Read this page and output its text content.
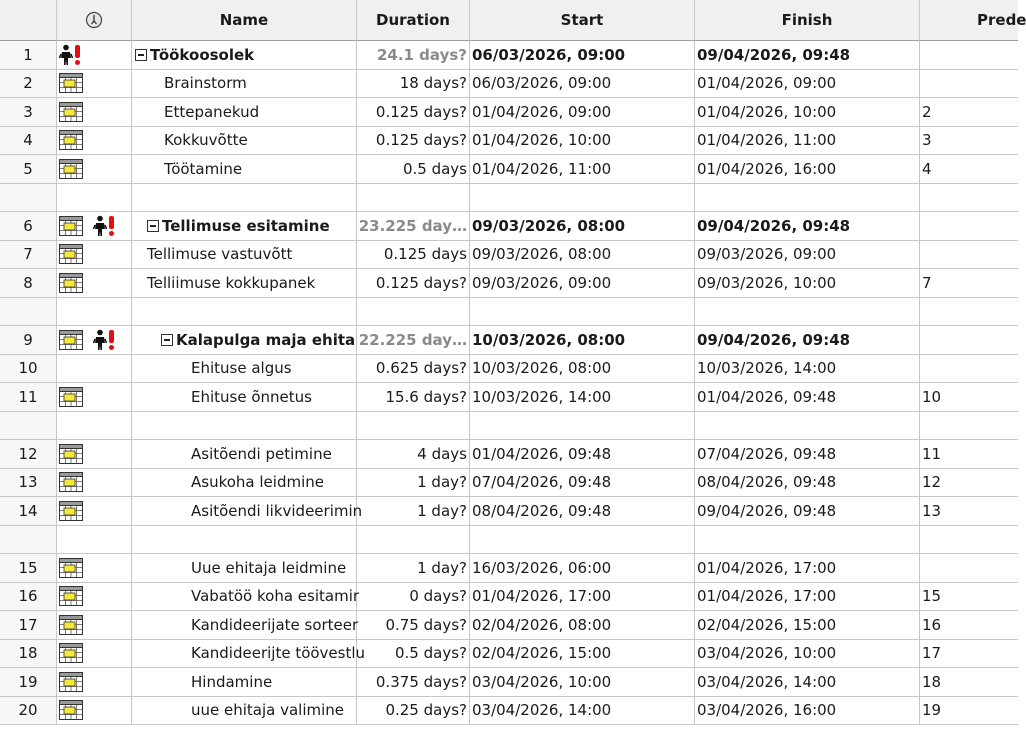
Name	Duration	Start	Finish	Prede
1	Töökoosolek	24.1 days? 06/03/2026, 09:00	09/04/2026, 09:48
2	Brainstorm	18 days? 06/03/2026, 09:00	01/04/2026, 09:00
3	Ettepanekud	0.125 days? 01/04/2026, 09:00	01/04/2026, 10:00	2
4	Kokkuvõtte	0.125 days? 01/04/2026, 10:00	01/04/2026, 11:00	3
5	Töötamine	0.5 days 01/04/2026, 11:00	01/04/2026, 16:00	4
6	Tellimuse esitamine 23.225 day… 09/03/2026, 08:00	09/04/2026, 09:48
7	Tellimuse vastuvõtt	0.125 days 09/03/2026, 08:00	09/03/2026, 09:00
8	Telliimuse kokkupanek	0.125 days? 09/03/2026, 09:00	09/03/2026, 10:00	7
9	Kalapulga maja ehita 22.225 day… 10/03/2026, 08:00	09/04/2026, 09:48
10	Ehituse algus	0.625 days? 10/03/2026, 08:00	10/03/2026, 14:00
11	Ehituse õnnetus	15.6 days? 10/03/2026, 14:00	01/04/2026, 09:48	10
12	Asitõendi petimine	4 days 01/04/2026, 09:48	07/04/2026, 09:48	11
13	Asukoha leidmine	1 day? 07/04/2026, 09:48	08/04/2026, 09:48	12
14	Asitõendi likvideerimin	1 day? 08/04/2026, 09:48	09/04/2026, 09:48	13
15	Uue ehitaja leidmine	1 day? 16/03/2026, 06:00	01/04/2026, 17:00
16	Vabatöö koha esitamir	0 days? 01/04/2026, 17:00	01/04/2026, 17:00	15
17	Kandideerijate sorteer	0.75 days? 02/04/2026, 08:00	02/04/2026, 15:00	16
18	Kandideerijte töövestlu	0.5 days? 02/04/2026, 15:00	03/04/2026, 10:00	17
19	Hindamine	0.375 days? 03/04/2026, 10:00	03/04/2026, 14:00	18
20	uue ehitaja valimine	0.25 days? 03/04/2026, 14:00	03/04/2026, 16:00	19
